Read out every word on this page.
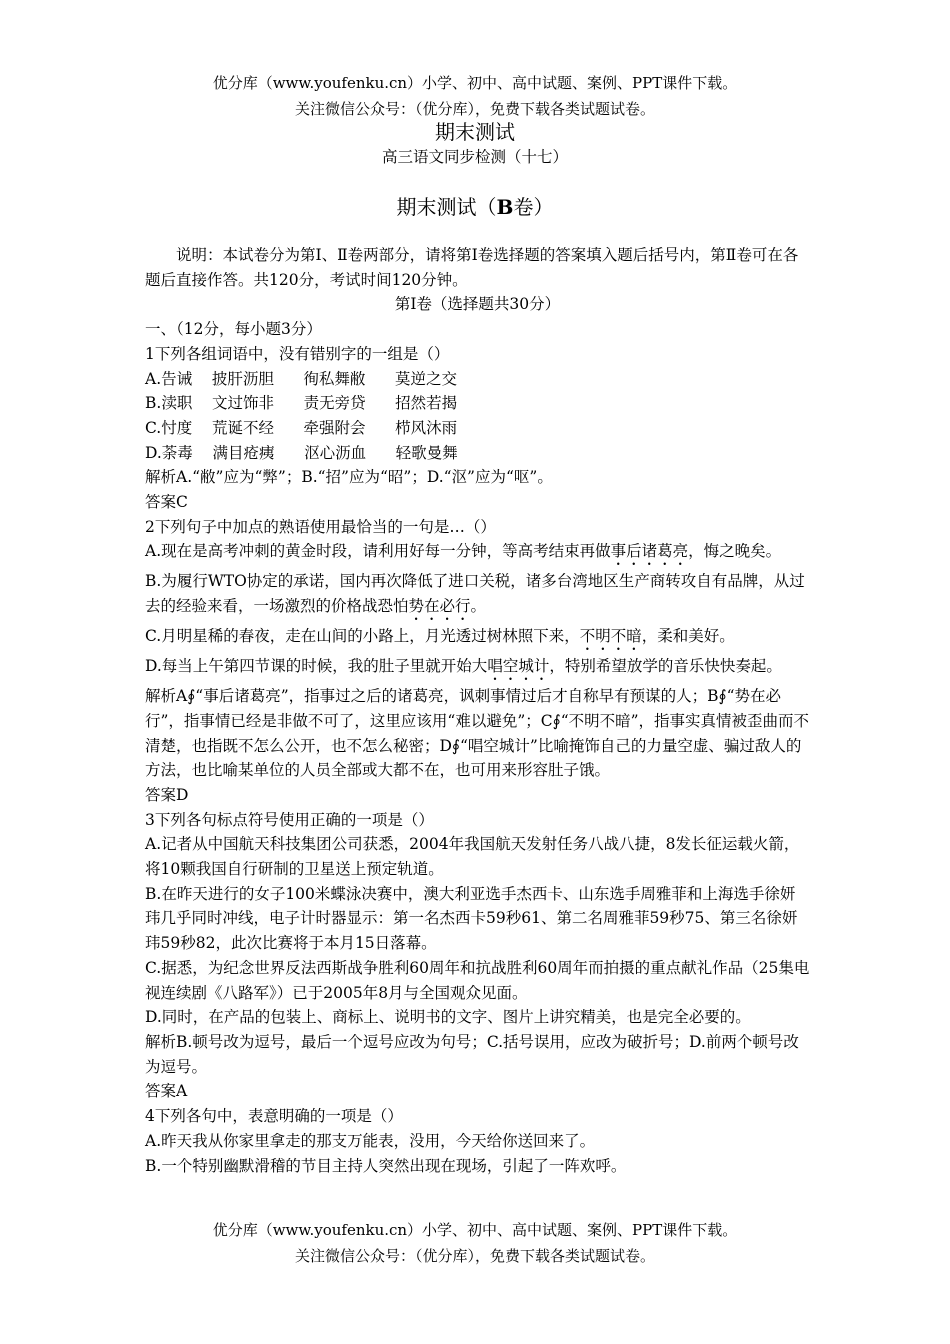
优分库（www.youfenku.cn）小学、初中、高中试题、案例、PPT课件下载。
关注微信公众号：（优分库），免费下载各类试题试卷。
期末测试
高三语文同步检测（十七）
期末测试（B卷）

说明：本试卷分为第Ⅰ、Ⅱ卷两部分，请将第Ⅰ卷选择题的答案填入题后括号内，第Ⅱ卷可在各题后直接作答。共120分，考试时间120分钟。

第Ⅰ卷（选择题共30分）

一、（12分，每小题3分）

1下列各组词语中，没有错别字的一组是（）

A.告诫    披肝沥胆      徇私舞敝      莫逆之交

B.渎职    文过饰非      责无旁贷      招然若揭

C.忖度    荒诞不经      牵强附会      栉风沐雨

D.荼毒    满目疮痍      沤心沥血      轻歌曼舞

解析A.“敝”应为“弊”；B.“招”应为“昭”；D.“沤”应为“呕”。

答案C

2下列句子中加点的熟语使用最恰当的一句是…（）

A.现在是高考冲刺的黄金时段，请利用好每一分钟，等高考结束再做事后诸葛亮，悔之晚矣。

B.为履行WTO协定的承诺，国内再次降低了进口关税，诸多台湾地区生产商转攻自有品牌，从过去的经验来看，一场激烈的价格战恐怕势在必行。

C.月明星稀的春夜，走在山间的小路上，月光透过树林照下来，不明不暗，柔和美好。

D.每当上午第四节课的时候，我的肚子里就开始大唱空城计，特别希望放学的音乐快快奏起。

解析A∮“事后诸葛亮”，指事过之后的诸葛亮，讽刺事情过后才自称早有预谋的人；B∮“势在必行”，指事情已经是非做不可了，这里应该用“难以避免”；C∮“不明不暗”，指事实真情被歪曲而不清楚，也指既不怎么公开，也不怎么秘密；D∮“唱空城计”比喻掩饰自己的力量空虚、骗过敌人的方法，也比喻某单位的人员全部或大都不在，也可用来形容肚子饿。

答案D

3下列各句标点符号使用正确的一项是（）

A.记者从中国航天科技集团公司获悉，2004年我国航天发射任务八战八捷，8发长征运载火箭，将10颗我国自行研制的卫星送上预定轨道。

B.在昨天进行的女子100米蝶泳决赛中，澳大利亚选手杰西卡、山东选手周雅菲和上海选手徐妍玮几乎同时冲线，电子计时器显示：第一名杰西卡59秒61、第二名周雅菲59秒75、第三名徐妍玮59秒82，此次比赛将于本月15日落幕。

C.据悉，为纪念世界反法西斯战争胜利60周年和抗战胜利60周年而拍摄的重点献礼作品（25集电视连续剧《八路军》）已于2005年8月与全国观众见面。

D.同时，在产品的包装上、商标上、说明书的文字、图片上讲究精美，也是完全必要的。

解析B.顿号改为逗号，最后一个逗号应改为句号；C.括号误用，应改为破折号；D.前两个顿号改为逗号。

答案A

4下列各句中，表意明确的一项是（）

A.昨天我从你家里拿走的那支万能表，没用，今天给你送回来了。

B.一个特别幽默滑稽的节目主持人突然出现在现场，引起了一阵欢呼。

优分库（www.youfenku.cn）小学、初中、高中试题、案例、PPT课件下载。
关注微信公众号：（优分库），免费下载各类试题试卷。
